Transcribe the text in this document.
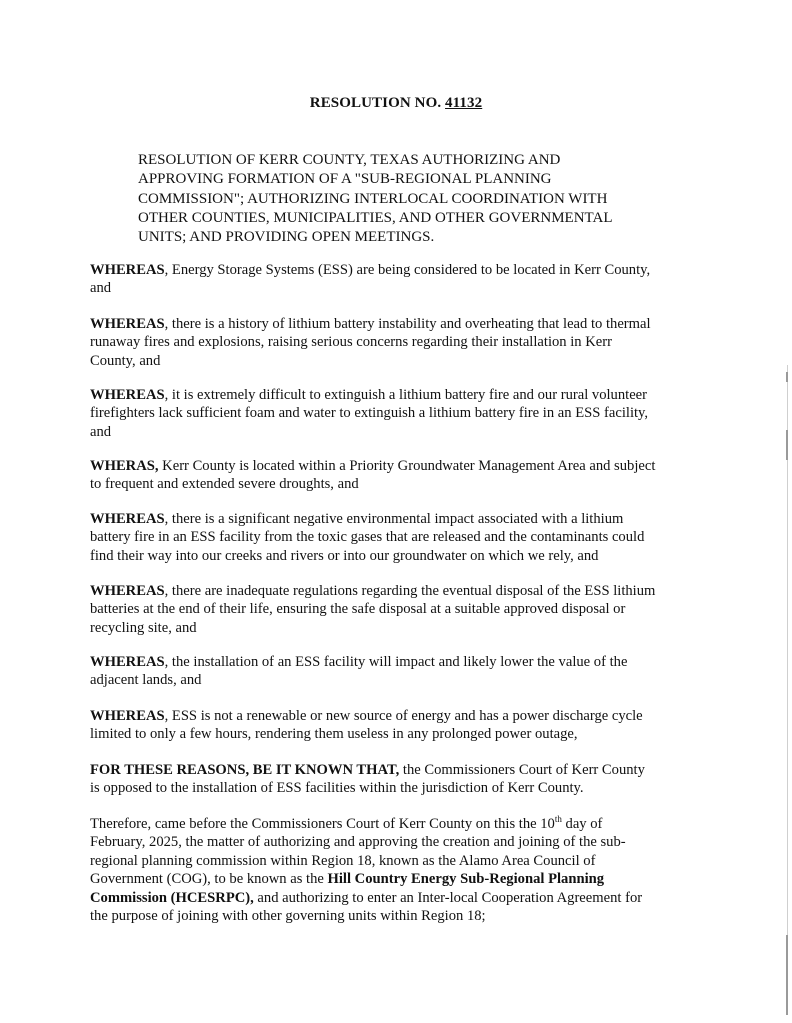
RESOLUTION NO. 41132
RESOLUTION OF KERR COUNTY, TEXAS AUTHORIZING AND
APPROVING FORMATION OF A "SUB-REGIONAL PLANNING
COMMISSION"; AUTHORIZING INTERLOCAL COORDINATION WITH
OTHER COUNTIES, MUNICIPALITIES, AND OTHER GOVERNMENTAL
UNITS; AND PROVIDING OPEN MEETINGS.
WHEREAS, Energy Storage Systems (ESS) are being considered to be located in Kerr County,
and
WHEREAS, there is a history of lithium battery instability and overheating that lead to thermal
runaway fires and explosions, raising serious concerns regarding their installation in Kerr
County, and
WHEREAS, it is extremely difficult to extinguish a lithium battery fire and our rural volunteer
firefighters lack sufficient foam and water to extinguish a lithium battery fire in an ESS facility,
and
WHERAS, Kerr County is located within a Priority Groundwater Management Area and subject
to frequent and extended severe droughts, and
WHEREAS, there is a significant negative environmental impact associated with a lithium
battery fire in an ESS facility from the toxic gases that are released and the contaminants could
find their way into our creeks and rivers or into our groundwater on which we rely, and
WHEREAS, there are inadequate regulations regarding the eventual disposal of the ESS lithium
batteries at the end of their life, ensuring the safe disposal at a suitable approved disposal or
recycling site, and
WHEREAS, the installation of an ESS facility will impact and likely lower the value of the
adjacent lands, and
WHEREAS, ESS is not a renewable or new source of energy and has a power discharge cycle
limited to only a few hours, rendering them useless in any prolonged power outage,
FOR THESE REASONS, BE IT KNOWN THAT, the Commissioners Court of Kerr County
is opposed to the installation of ESS facilities within the jurisdiction of Kerr County.
Therefore, came before the Commissioners Court of Kerr County on this the 10th day of
February, 2025, the matter of authorizing and approving the creation and joining of the sub-
regional planning commission within Region 18, known as the Alamo Area Council of
Government (COG), to be known as the Hill Country Energy Sub-Regional Planning
Commission (HCESRPC), and authorizing to enter an Inter-local Cooperation Agreement for
the purpose of joining with other governing units within Region 18;
